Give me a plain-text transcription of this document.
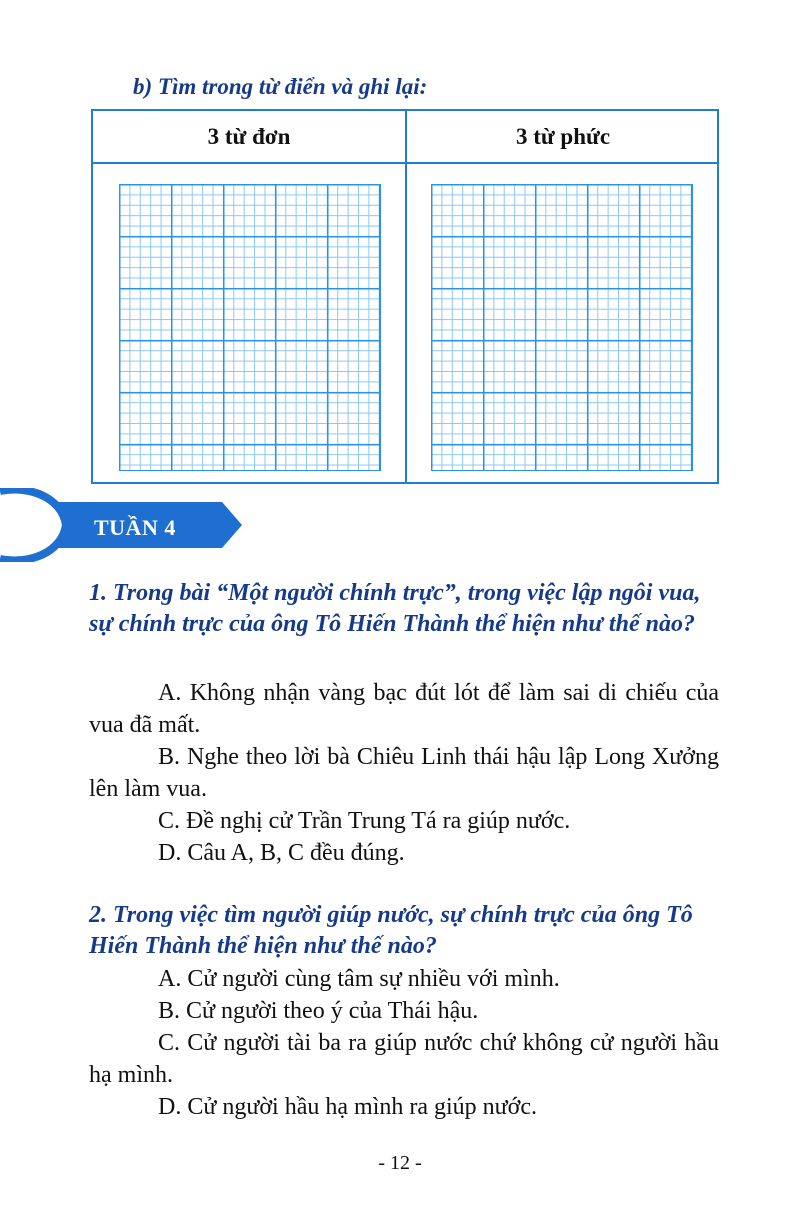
b) Tìm trong từ điển và ghi lại:
3 từ đơn	3 từ phức
TUẦN 4
1. Trong bài “Một người chính trực”, trong việc lập ngôi vua, sự chính trực của ông Tô Hiến Thành thể hiện như thế nào?
A. Không nhận vàng bạc đút lót để làm sai di chiếu của vua đã mất.
B. Nghe theo lời bà Chiêu Linh thái hậu lập Long Xưởng lên làm vua.
C. Đề nghị cử Trần Trung Tá ra giúp nước.
D. Câu A, B, C đều đúng.
2. Trong việc tìm người giúp nước, sự chính trực của ông Tô Hiến Thành thể hiện như thế nào?
A. Cử người cùng tâm sự nhiều với mình.
B. Cử người theo ý của Thái hậu.
C. Cử người tài ba ra giúp nước chứ không cử người hầu hạ mình.
D. Cử người hầu hạ mình ra giúp nước.
- 12 -
